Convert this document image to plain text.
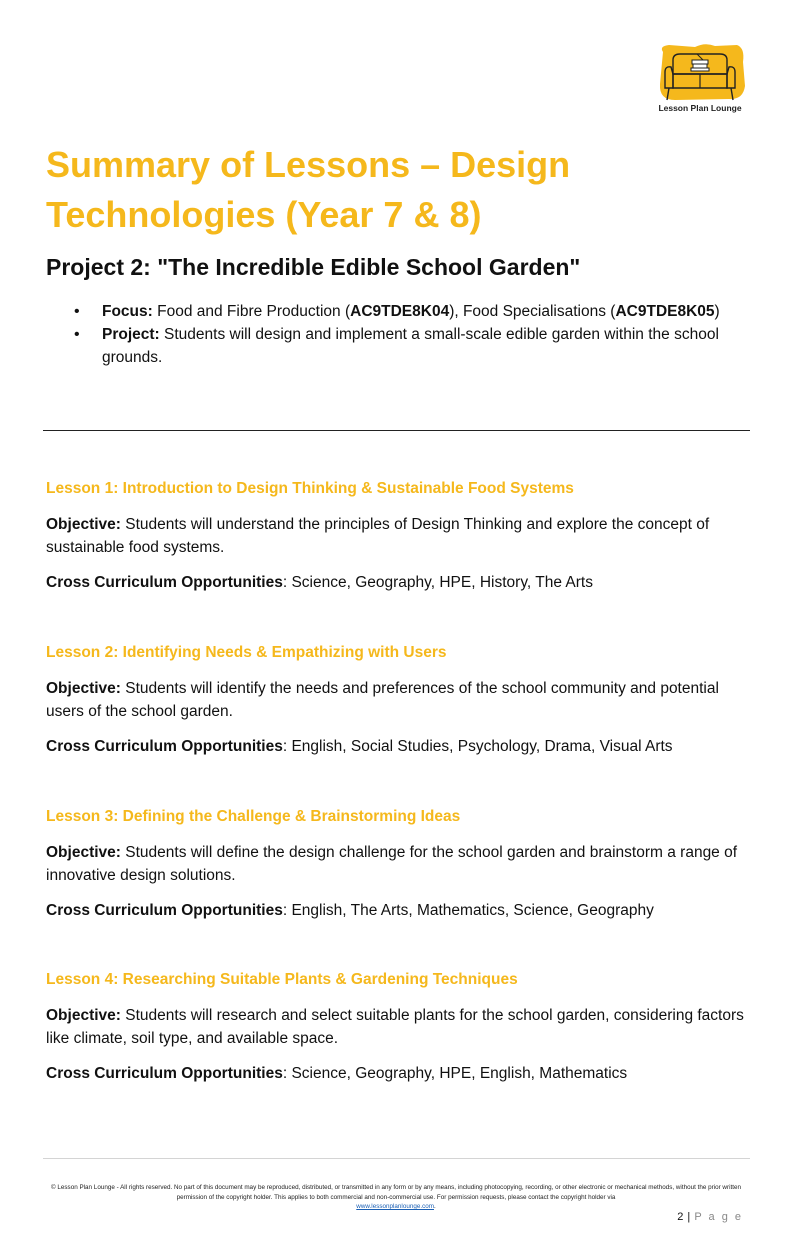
Lesson Plan Lounge
Summary of Lessons – Design Technologies (Year 7 & 8)
Project 2: "The Incredible Edible School Garden"
• Focus: Food and Fibre Production (AC9TDE8K04), Food Specialisations (AC9TDE8K05)
• Project: Students will design and implement a small-scale edible garden within the school grounds.
Lesson 1: Introduction to Design Thinking & Sustainable Food Systems

Objective: Students will understand the principles of Design Thinking and explore the concept of sustainable food systems.

Cross Curriculum Opportunities: Science, Geography, HPE, History, The Arts

Lesson 2: Identifying Needs & Empathizing with Users

Objective: Students will identify the needs and preferences of the school community and potential users of the school garden.

Cross Curriculum Opportunities: English, Social Studies, Psychology, Drama, Visual Arts

Lesson 3: Defining the Challenge & Brainstorming Ideas

Objective: Students will define the design challenge for the school garden and brainstorm a range of innovative design solutions.

Cross Curriculum Opportunities: English, The Arts, Mathematics, Science, Geography

Lesson 4: Researching Suitable Plants & Gardening Techniques

Objective: Students will research and select suitable plants for the school garden, considering factors like climate, soil type, and available space.

Cross Curriculum Opportunities: Science, Geography, HPE, English, Mathematics

© Lesson Plan Lounge - All rights reserved. No part of this document may be reproduced, distributed, or transmitted in any form or by any means, including photocopying, recording, or other electronic or mechanical methods, without the prior written permission of the copyright holder. This applies to both commercial and non-commercial use. For permission requests, please contact the copyright holder via
www.lessonplanlounge.com.
2 | P a g e
